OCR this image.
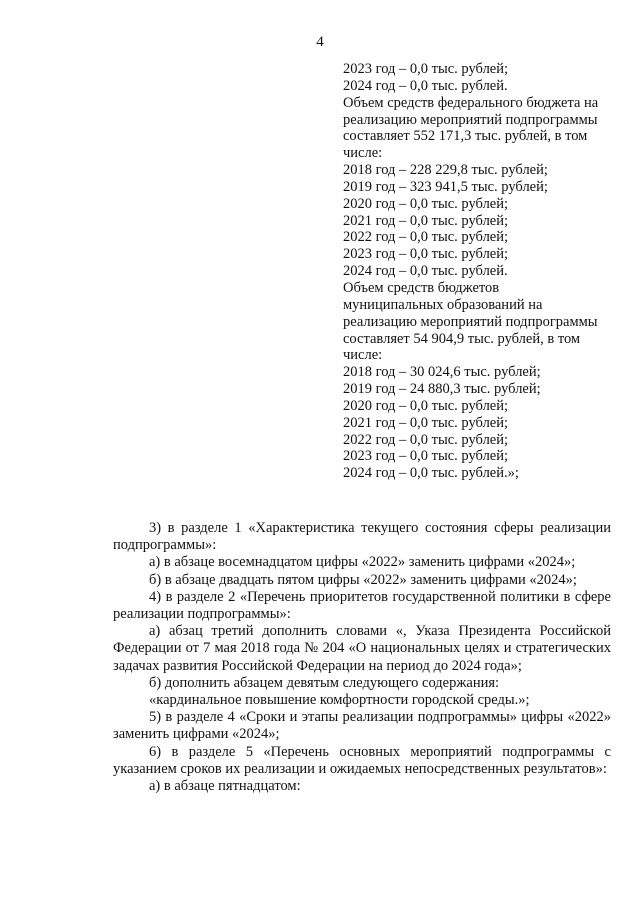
4
2023 год – 0,0 тыс. рублей;
2024 год – 0,0 тыс. рублей.
Объем средств федерального бюджета на
реализацию мероприятий подпрограммы
составляет 552 171,3 тыс. рублей, в том
числе:
2018 год – 228 229,8 тыс. рублей;
2019 год – 323 941,5 тыс. рублей;
2020 год – 0,0 тыс. рублей;
2021 год – 0,0 тыс. рублей;
2022 год – 0,0 тыс. рублей;
2023 год – 0,0 тыс. рублей;
2024 год – 0,0 тыс. рублей.
Объем средств бюджетов
муниципальных образований на
реализацию мероприятий подпрограммы
составляет 54 904,9 тыс. рублей, в том
числе:
2018 год – 30 024,6 тыс. рублей;
2019 год – 24 880,3 тыс. рублей;
2020 год – 0,0 тыс. рублей;
2021 год – 0,0 тыс. рублей;
2022 год – 0,0 тыс. рублей;
2023 год – 0,0 тыс. рублей;
2024 год – 0,0 тыс. рублей.»;

3) в разделе 1 «Характеристика текущего состояния сферы реализации подпрограммы»:

а) в абзаце восемнадцатом цифры «2022» заменить цифрами «2024»;

б) в абзаце двадцать пятом цифры «2022» заменить цифрами «2024»;

4) в разделе 2 «Перечень приоритетов государственной политики в сфере реализации подпрограммы»:

а) абзац третий дополнить словами «, Указа Президента Российской Федерации от 7 мая 2018 года № 204 «О национальных целях и стратегических задачах развития Российской Федерации на период до 2024 года»;

б) дополнить абзацем девятым следующего содержания:

«кардинальное повышение комфортности городской среды.»;

5) в разделе 4 «Сроки и этапы реализации подпрограммы» цифры «2022» заменить цифрами «2024»;

6) в разделе 5 «Перечень основных мероприятий подпрограммы с указанием сроков их реализации и ожидаемых непосредственных результатов»:

а) в абзаце пятнадцатом:
